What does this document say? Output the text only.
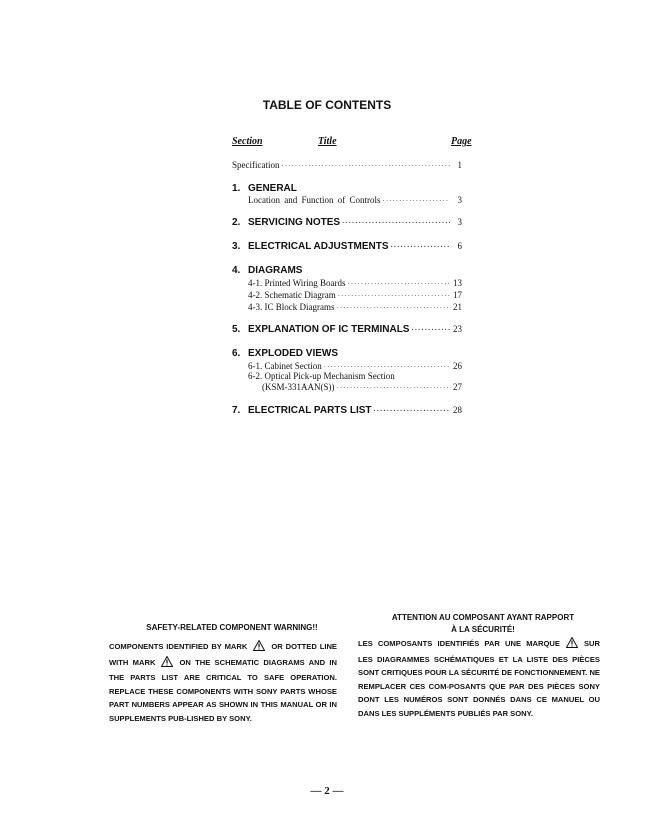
TABLE OF CONTENTS
Section	Title	Page
Specification ·····	1
1. GENERAL
Location and Function of Controls ·····	3
2. SERVICING NOTES ·····	3
3. ELECTRICAL ADJUSTMENTS ·····	6
4. DIAGRAMS
4-1. Printed Wiring Boards ·····	13
4-2. Schematic Diagram ·····	17
4-3. IC Block Diagrams ·····	21
5. EXPLANATION OF IC TERMINALS ·····	23
6. EXPLODED VIEWS
6-1. Cabinet Section ·····	26
6-2. Optical Pick-up Mechanism Section
(KSM-331AAN(S)) ·····	27
7. ELECTRICAL PARTS LIST ·····	28
SAFETY-RELATED COMPONENT WARNING!!
COMPONENTS IDENTIFIED BY MARK	OR DOTTED LINE WITH MARK	ON THE SCHEMATIC DIAGRAMS AND IN THE PARTS LIST ARE CRITICAL TO SAFE OPERATION. REPLACE THESE COMPONENTS WITH SONY PARTS WHOSE PART NUMBERS APPEAR AS SHOWN IN THIS MANUAL OR IN SUPPLEMENTS PUB-LISHED BY SONY.
ATTENTION AU COMPOSANT AYANT RAPPORT
À LA SÉCURITÉ!
LES COMPOSANTS IDENTIFIÉS PAR UNE MARQUE	SUR LES DIAGRAMMES SCHÉMATIQUES ET LA LISTE DES PIÈCES SONT CRITIQUES POUR LA SÉCURITÉ DE FONCTIONNEMENT. NE REMPLACER CES COM-POSANTS QUE PAR DES PIÈCES SONY DONT LES NUMÉROS SONT DONNÉS DANS CE MANUEL OU DANS LES SUPPLÉMENTS PUBLIÉS PAR SONY.
— 2 —
